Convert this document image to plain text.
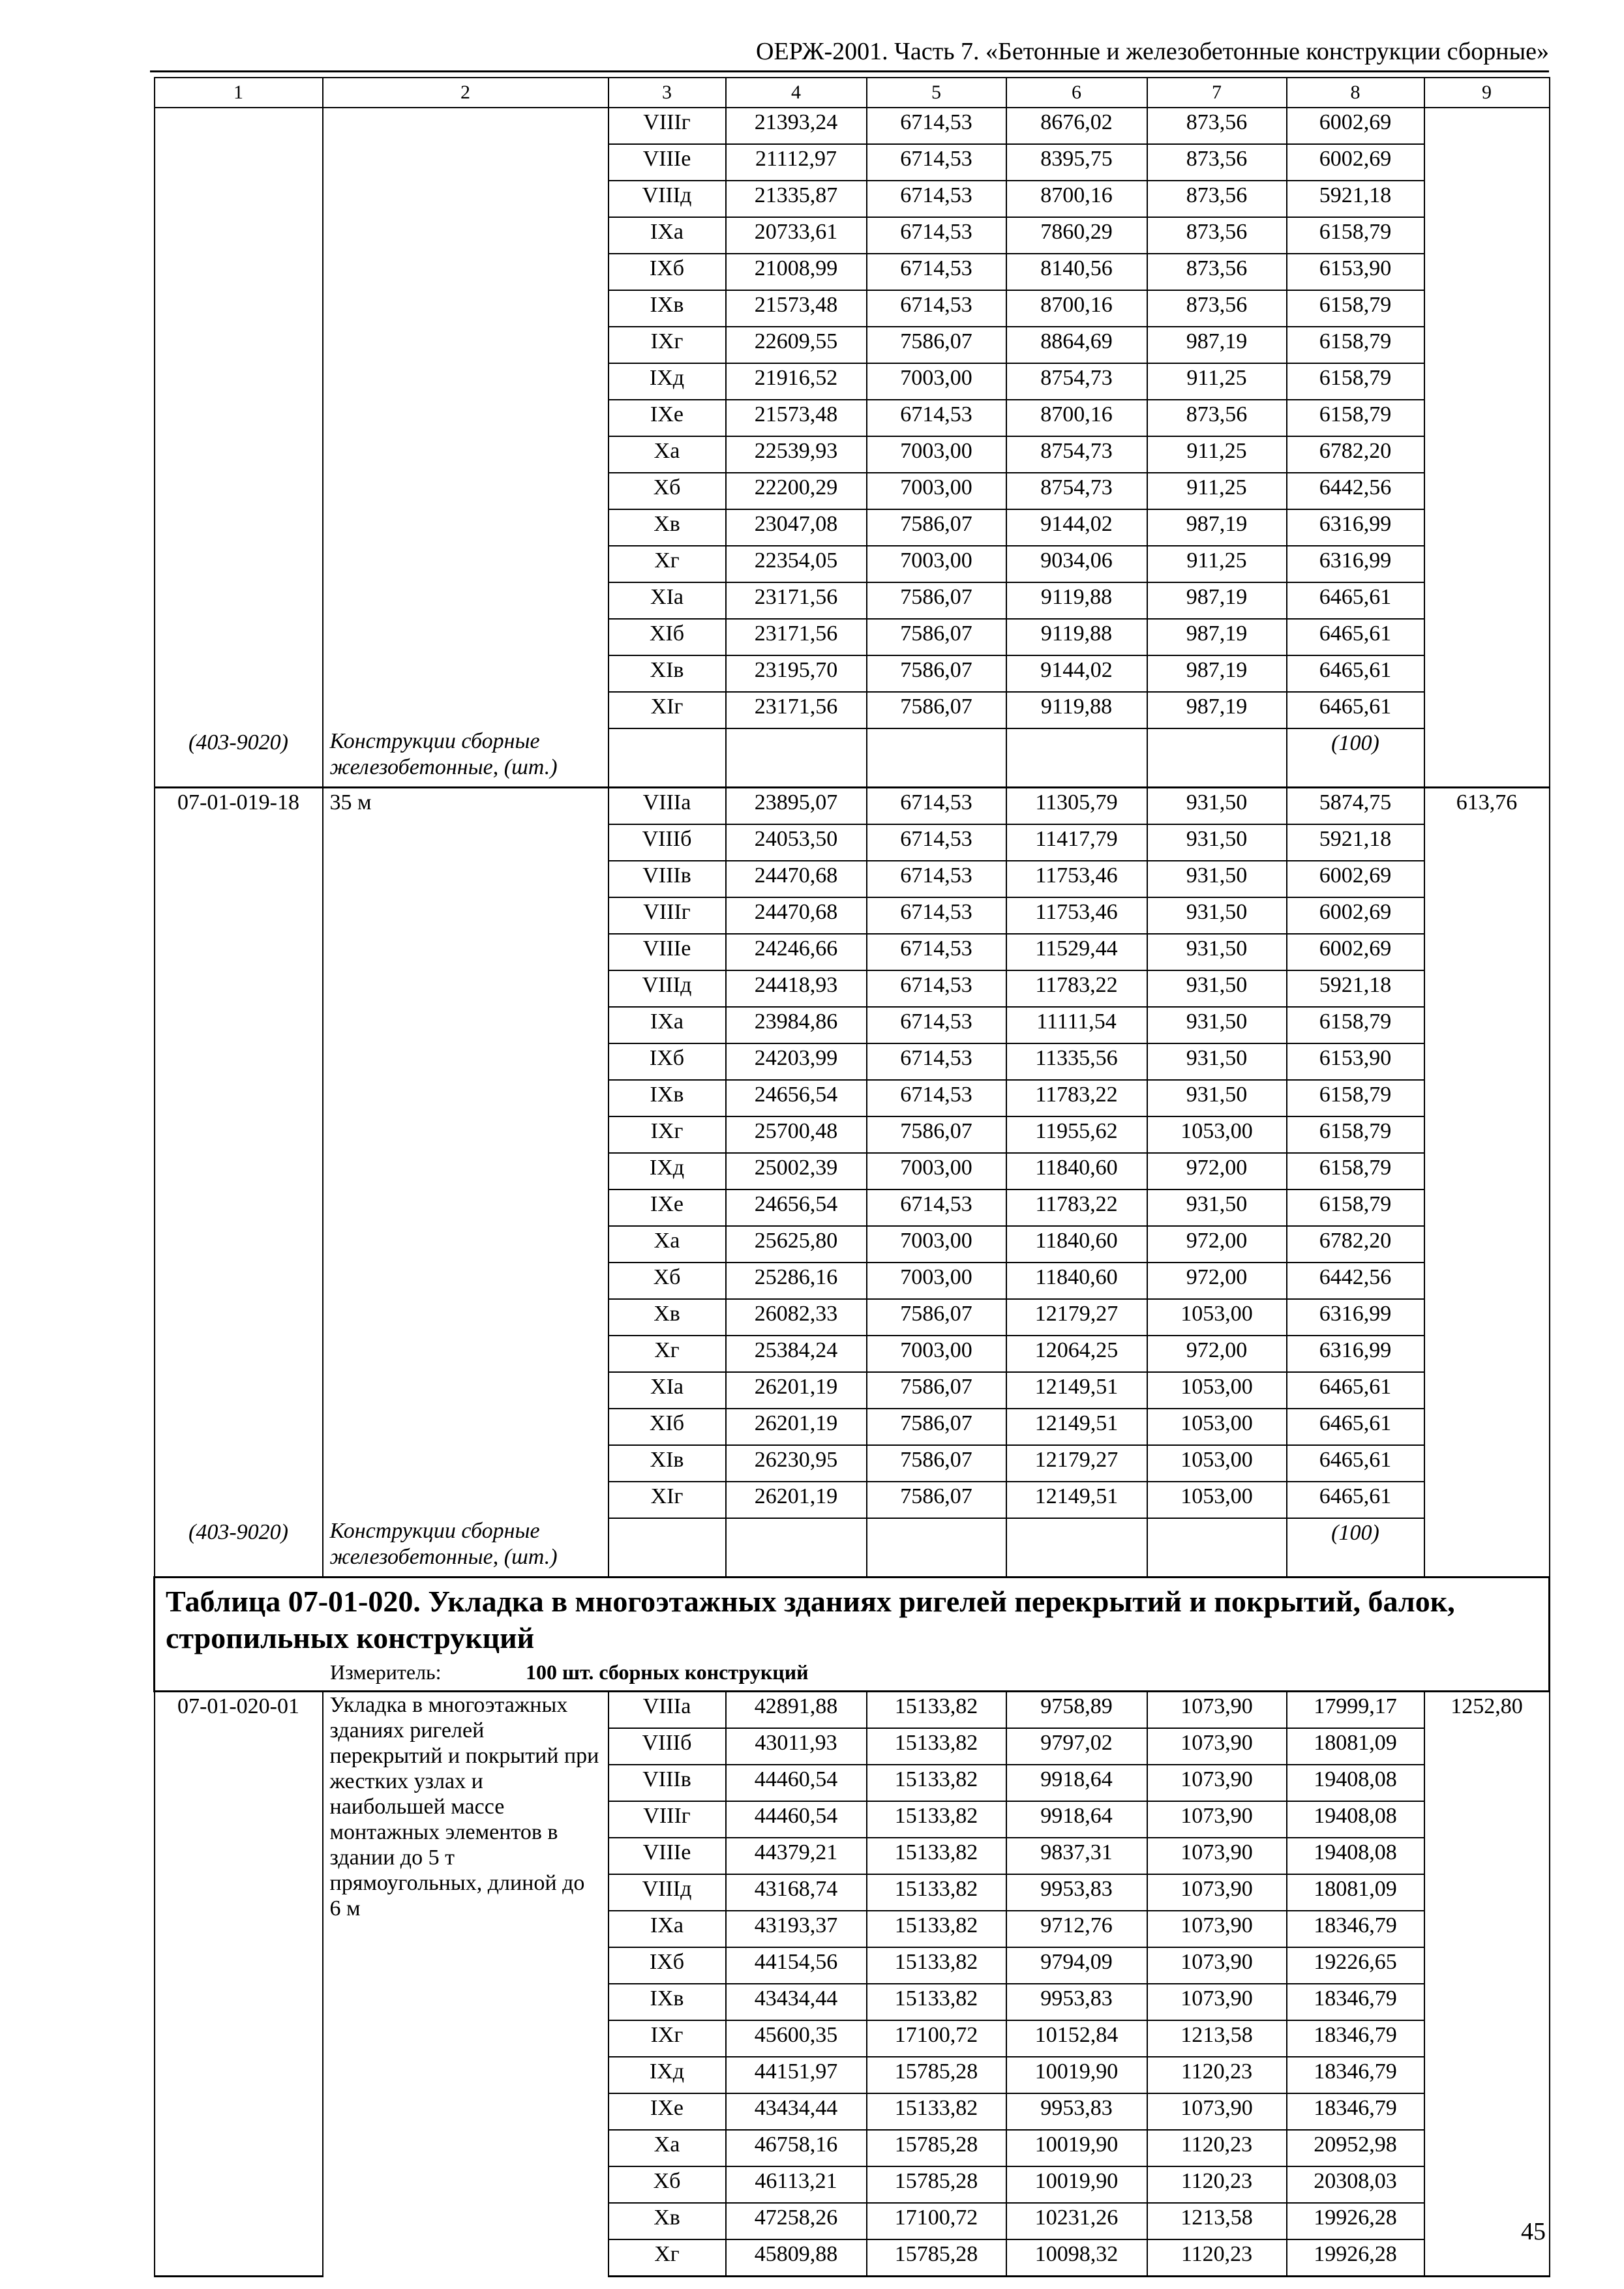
ОЕРЖ-2001. Часть 7. «Бетонные и железобетонные конструкции сборные»
1	2	3	4	5	6	7	8	9
		VIIIг	21393,24	6714,53	8676,02	873,56	6002,69	
		VIIIе	21112,97	6714,53	8395,75	873,56	6002,69	
		VIIIд	21335,87	6714,53	8700,16	873,56	5921,18	
		IXа	20733,61	6714,53	7860,29	873,56	6158,79	
		IXб	21008,99	6714,53	8140,56	873,56	6153,90	
		IXв	21573,48	6714,53	8700,16	873,56	6158,79	
		IXг	22609,55	7586,07	8864,69	987,19	6158,79	
		IXд	21916,52	7003,00	8754,73	911,25	6158,79	
		IXе	21573,48	6714,53	8700,16	873,56	6158,79	
		Xа	22539,93	7003,00	8754,73	911,25	6782,20	
		Xб	22200,29	7003,00	8754,73	911,25	6442,56	
		Xв	23047,08	7586,07	9144,02	987,19	6316,99	
		Xг	22354,05	7003,00	9034,06	911,25	6316,99	
		XIа	23171,56	7586,07	9119,88	987,19	6465,61	
		XIб	23171,56	7586,07	9119,88	987,19	6465,61	
		XIв	23195,70	7586,07	9144,02	987,19	6465,61	
		XIг	23171,56	7586,07	9119,88	987,19	6465,61	
(403-9020)	Конструкции сборные железобетонные, (шт.)						(100)	
07-01-019-18	35 м	VIIIа	23895,07	6714,53	11305,79	931,50	5874,75	613,76
		VIIIб	24053,50	6714,53	11417,79	931,50	5921,18	
		VIIIв	24470,68	6714,53	11753,46	931,50	6002,69	
		VIIIг	24470,68	6714,53	11753,46	931,50	6002,69	
		VIIIе	24246,66	6714,53	11529,44	931,50	6002,69	
		VIIIд	24418,93	6714,53	11783,22	931,50	5921,18	
		IXа	23984,86	6714,53	11111,54	931,50	6158,79	
		IXб	24203,99	6714,53	11335,56	931,50	6153,90	
		IXв	24656,54	6714,53	11783,22	931,50	6158,79	
		IXг	25700,48	7586,07	11955,62	1053,00	6158,79	
		IXд	25002,39	7003,00	11840,60	972,00	6158,79	
		IXе	24656,54	6714,53	11783,22	931,50	6158,79	
		Xа	25625,80	7003,00	11840,60	972,00	6782,20	
		Xб	25286,16	7003,00	11840,60	972,00	6442,56	
		Xв	26082,33	7586,07	12179,27	1053,00	6316,99	
		Xг	25384,24	7003,00	12064,25	972,00	6316,99	
		XIа	26201,19	7586,07	12149,51	1053,00	6465,61	
		XIб	26201,19	7586,07	12149,51	1053,00	6465,61	
		XIв	26230,95	7586,07	12179,27	1053,00	6465,61	
		XIг	26201,19	7586,07	12149,51	1053,00	6465,61	
(403-9020)	Конструкции сборные железобетонные, (шт.)						(100)	

Таблица 07-01-020. Укладка в многоэтажных зданиях ригелей перекрытий и покрытий, балок, стропильных конструкций
Измеритель: 100 шт. сборных конструкций								

07-01-020-01	Укладка в многоэтажных зданиях ригелей перекрытий и покрытий при жестких узлах и наибольшей массе монтажных элементов в здании до 5 т прямоугольных, длиной до 6 м	VIIIа	42891,88	15133,82	9758,89	1073,90	17999,17	1252,80
		VIIIб	43011,93	15133,82	9797,02	1073,90	18081,09	
		VIIIв	44460,54	15133,82	9918,64	1073,90	19408,08	
		VIIIг	44460,54	15133,82	9918,64	1073,90	19408,08	
		VIIIе	44379,21	15133,82	9837,31	1073,90	19408,08	
		VIIIд	43168,74	15133,82	9953,83	1073,90	18081,09	
		IXа	43193,37	15133,82	9712,76	1073,90	18346,79	
		IXб	44154,56	15133,82	9794,09	1073,90	19226,65	
		IXв	43434,44	15133,82	9953,83	1073,90	18346,79	
		IXг	45600,35	17100,72	10152,84	1213,58	18346,79	
		IXд	44151,97	15785,28	10019,90	1120,23	18346,79	
		IXе	43434,44	15133,82	9953,83	1073,90	18346,79	
		Xа	46758,16	15785,28	10019,90	1120,23	20952,98	
		Xб	46113,21	15785,28	10019,90	1120,23	20308,03	
		Xв	47258,26	17100,72	10231,26	1213,58	19926,28	
		Xг	45809,88	15785,28	10098,32	1120,23	19926,28	
45
